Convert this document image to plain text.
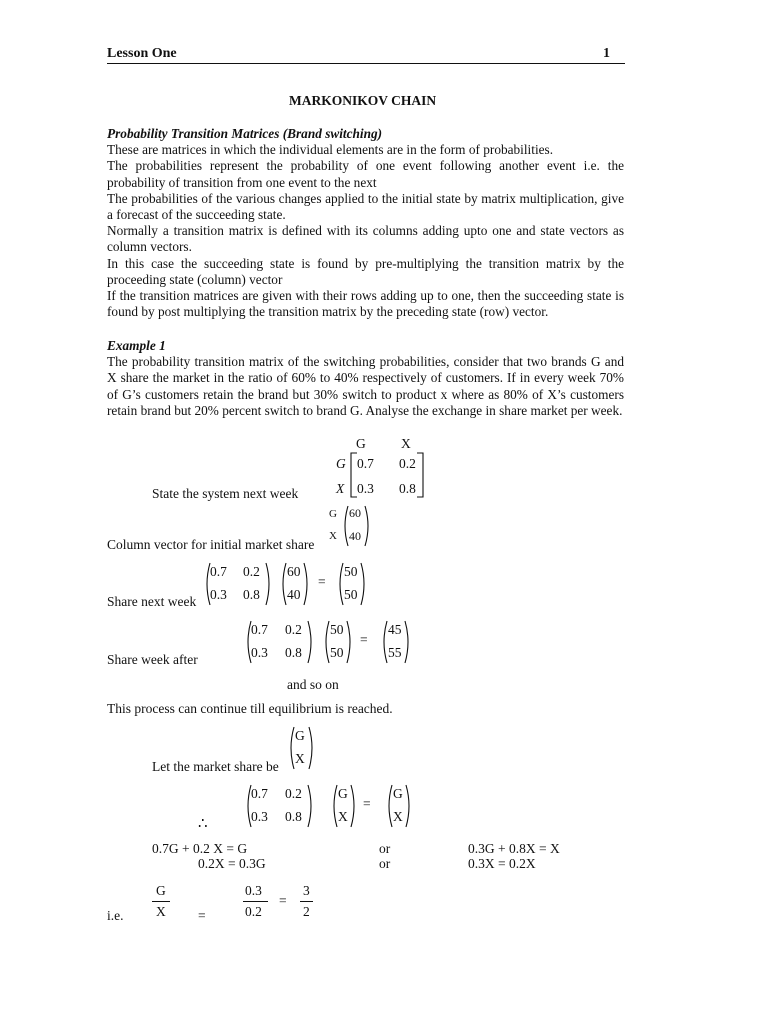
Lesson One	1
MARKONIKOV CHAIN

Probability Transition Matrices (Brand switching)

These are matrices in which the individual elements are in the form of probabilities.

The probabilities represent the probability of one event following another event i.e. the probability of transition from one event to the next

The probabilities of the various changes applied to the initial state by matrix multiplication, give a forecast of the succeeding state.

Normally a transition matrix is defined with its columns adding upto one and state vectors as column vectors.

In this case the succeeding state is found by pre-multiplying the transition matrix by the proceeding state (column) vector

If the transition matrices are given with their rows adding up to one, then the succeeding state is found by post multiplying the transition matrix by the preceding state (row) vector.

Example 1

The probability transition matrix of the switching probabilities, consider that two brands G and X share the market in the ratio of 60% to 40% respectively of customers. If in every week 70% of G’s customers retain the brand but 30% switch to product x where as 80% of X’s customers retain brand but 20% percent switch to brand G. Analyse the exchange in share market per week.

G	X
G
X
0.7 0.2
0.3 0.8
State the system next week
G
X
60
40
Column vector for initial market share
Share next week
0.7 0.2
0.3 0.8
60
40
=
50
50
Share week after
0.7 0.2
0.3 0.8
50
50
=
45
55
and so on
This process can continue till equilibrium is reached.
Let the market share be
G
X
∴
0.7 0.2
0.3 0.8
G
X
=
G
X
0.7G + 0.2 X = G	or	0.3G + 0.8X = X
0.2X = 0.3G	or	0.3X = 0.2X
i.e.
G
X =
0.3
0.2
=
3
2
